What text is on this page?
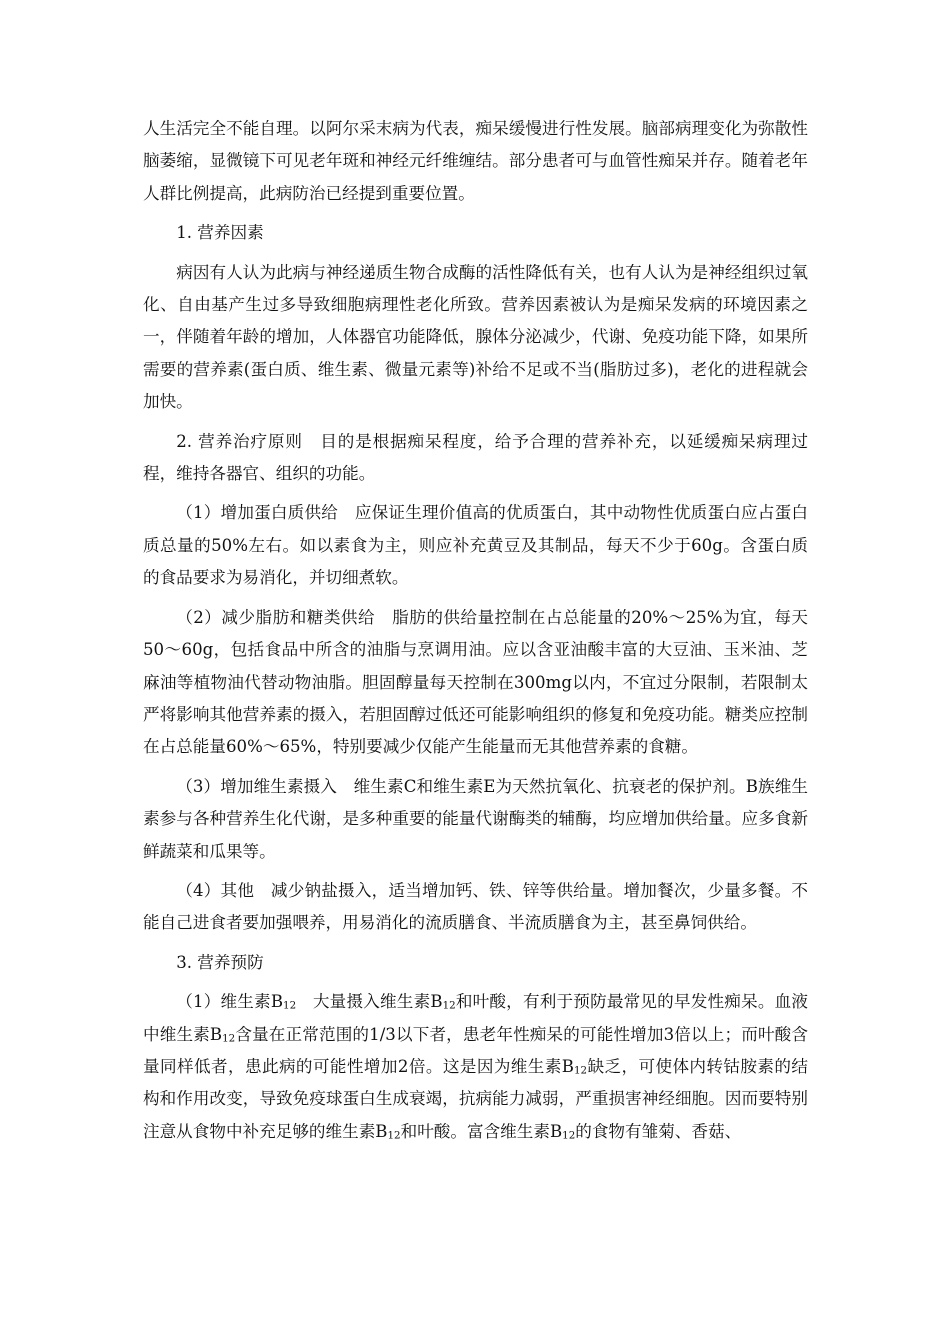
人生活完全不能自理。以阿尔采末病为代表，痴呆缓慢进行性发展。脑部病理变化为弥散性脑萎缩，显微镜下可见老年斑和神经元纤维缠结。部分患者可与血管性痴呆并存。随着老年人群比例提高，此病防治已经提到重要位置。

1. 营养因素

病因有人认为此病与神经递质生物合成酶的活性降低有关，也有人认为是神经组织过氧化、自由基产生过多导致细胞病理性老化所致。营养因素被认为是痴呆发病的环境因素之一，伴随着年龄的增加，人体器官功能降低，腺体分泌减少，代谢、免疫功能下降，如果所需要的营养素(蛋白质、维生素、微量元素等)补给不足或不当(脂肪过多)，老化的进程就会加快。

2. 营养治疗原则  目的是根据痴呆程度，给予合理的营养补充，以延缓痴呆病理过程，维持各器官、组织的功能。

（1）增加蛋白质供给  应保证生理价值高的优质蛋白，其中动物性优质蛋白应占蛋白质总量的50%左右。如以素食为主，则应补充黄豆及其制品，每天不少于60g。含蛋白质的食品要求为易消化，并切细煮软。

（2）减少脂肪和糖类供给  脂肪的供给量控制在占总能量的20%～25%为宜，每天50～60g，包括食品中所含的油脂与烹调用油。应以含亚油酸丰富的大豆油、玉米油、芝麻油等植物油代替动物油脂。胆固醇量每天控制在300mg以内，不宜过分限制，若限制太严将影响其他营养素的摄入，若胆固醇过低还可能影响组织的修复和免疫功能。糖类应控制在占总能量60%～65%，特别要减少仅能产生能量而无其他营养素的食糖。

（3）增加维生素摄入  维生素C和维生素E为天然抗氧化、抗衰老的保护剂。B族维生素参与各种营养生化代谢，是多种重要的能量代谢酶类的辅酶，均应增加供给量。应多食新鲜蔬菜和瓜果等。

（4）其他  减少钠盐摄入，适当增加钙、铁、锌等供给量。增加餐次，少量多餐。不能自己进食者要加强喂养，用易消化的流质膳食、半流质膳食为主，甚至鼻饲供给。

3. 营养预防

（1）维生素B12  大量摄入维生素B12和叶酸，有利于预防最常见的早发性痴呆。血液中维生素B12含量在正常范围的1/3以下者，患老年性痴呆的可能性增加3倍以上；而叶酸含量同样低者，患此病的可能性增加2倍。这是因为维生素B12缺乏，可使体内转钴胺素的结构和作用改变，导致免疫球蛋白生成衰竭，抗病能力减弱，严重损害神经细胞。因而要特别注意从食物中补充足够的维生素B12和叶酸。富含维生素B12的食物有雏菊、香菇、
